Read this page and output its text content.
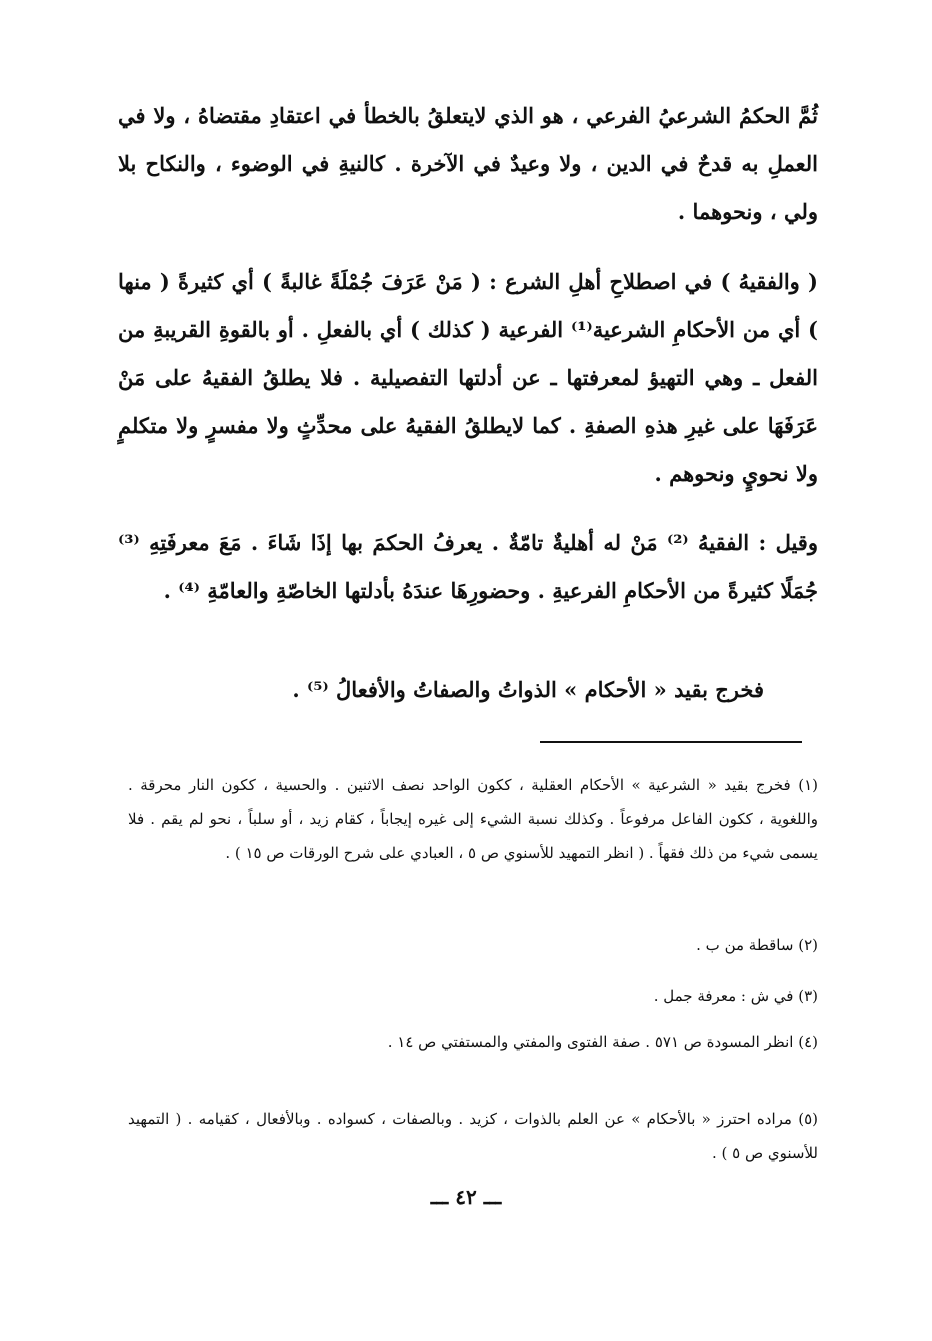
ثُمَّ الحكمُ الشرعيُ الفرعي ، هو الذي لايتعلقُ بالخطأ في اعتقادِ مقتضاهُ ، ولا في العملِ به قدحٌ في الدين ، ولا وعيدٌ في الآخرة . كالنيةِ في الوضوء ، والنكاح بلا ولي ، ونحوهما .

( والفقيهُ ) في اصطلاحِ أهلِ الشرع : ( مَنْ عَرَفَ جُمْلَةً غالبةً ) أي كثيرةً ( منها ) أي من الأحكامِ الشرعية⁽¹⁾ الفرعية ( كذلك ) أي بالفعلِ . أو بالقوةِ القريبةِ من الفعل ـ وهي التهيؤ لمعرفتها ـ عن أدلتها التفصيلية . فلا يطلقُ الفقيهُ على مَنْ عَرَفَهَا على غيرِ هذهِ الصفةِ . كما لايطلقُ الفقيهُ على محدِّثٍ ولا مفسرٍ ولا متكلمٍ ولا نحويٍ ونحوهم .

وقيل : الفقيهُ ⁽²⁾ مَنْ له أهليةٌ تامّةٌ . يعرفُ الحكمَ بها إذَا شَاءَ . مَعَ معرفَتِهِ ⁽³⁾ جُمَلًا كثيرةً من الأحكامِ الفرعيةِ . وحضورِهَا عندَهُ بأدلتها الخاصّةِ والعامّةِ ⁽⁴⁾ .

فخرج بقيد « الأحكام » الذواتُ والصفاتُ والأفعالُ ⁽⁵⁾ .

(١) فخرج بقيد « الشرعية » الأحكام العقلية ، ككون الواحد نصف الاثنين . والحسية ، ككون النار محرقة . واللغوية ، ككون الفاعل مرفوعاً . وكذلك نسبة الشيء إلى غيره إيجاباً ، كقام زيد ، أو سلباً ، نحو لم يقم . فلا يسمى شيء من ذلك فقهاً . ( انظر التمهيد للأسنوي ص ٥ ، العبادي على شرح الورقات ص ١٥ ) .

(٢) ساقطة من ب .

(٣) في ش : معرفة جمل .

(٤) انظر المسودة ص ٥٧١ . صفة الفتوى والمفتي والمستفتي ص ١٤ .

(٥) مراده احترز « بالأحكام » عن العلم بالذوات ، كزيد . وبالصفات ، كسواده . وبالأفعال ، كقيامه . ( التمهيد للأسنوي ص ٥ ) .

ـــ ٤٢ ـــ
